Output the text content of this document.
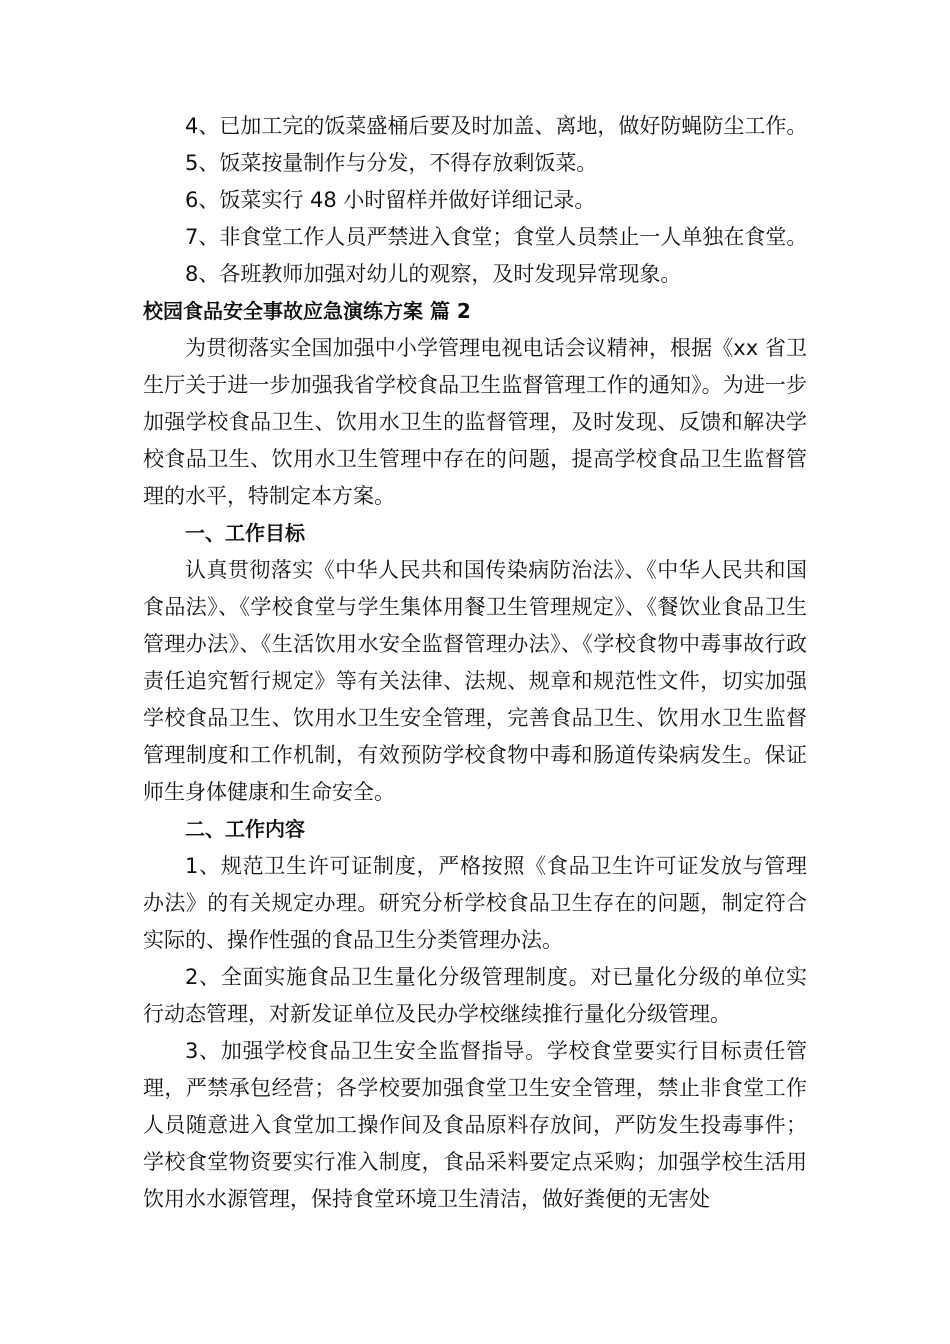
4、已加工完的饭菜盛桶后要及时加盖、离地，做好防蝇防尘工作。

5、饭菜按量制作与分发，不得存放剩饭菜。

6、饭菜实行 48 小时留样并做好详细记录。

7、非食堂工作人员严禁进入食堂；食堂人员禁止一人单独在食堂。

8、各班教师加强对幼儿的观察，及时发现异常现象。

校园食品安全事故应急演练方案 篇 2

为贯彻落实全国加强中小学管理电视电话会议精神，根据《xx 省卫生厅关于进一步加强我省学校食品卫生监督管理工作的通知》。为进一步加强学校食品卫生、饮用水卫生的监督管理，及时发现、反馈和解决学校食品卫生、饮用水卫生管理中存在的问题，提高学校食品卫生监督管理的水平，特制定本方案。

一、工作目标

认真贯彻落实《中华人民共和国传染病防治法》、《中华人民共和国食品法》、《学校食堂与学生集体用餐卫生管理规定》、《餐饮业食品卫生管理办法》、《生活饮用水安全监督管理办法》、《学校食物中毒事故行政责任追究暂行规定》等有关法律、法规、规章和规范性文件，切实加强学校食品卫生、饮用水卫生安全管理，完善食品卫生、饮用水卫生监督管理制度和工作机制，有效预防学校食物中毒和肠道传染病发生。保证师生身体健康和生命安全。

二、工作内容

1、规范卫生许可证制度，严格按照《食品卫生许可证发放与管理办法》的有关规定办理。研究分析学校食品卫生存在的问题，制定符合实际的、操作性强的食品卫生分类管理办法。

2、全面实施食品卫生量化分级管理制度。对已量化分级的单位实行动态管理，对新发证单位及民办学校继续推行量化分级管理。

3、加强学校食品卫生安全监督指导。学校食堂要实行目标责任管理，严禁承包经营；各学校要加强食堂卫生安全管理，禁止非食堂工作人员随意进入食堂加工操作间及食品原料存放间，严防发生投毒事件；学校食堂物资要实行准入制度，食品采料要定点采购；加强学校生活用饮用水水源管理，保持食堂环境卫生清洁，做好粪便的无害处
